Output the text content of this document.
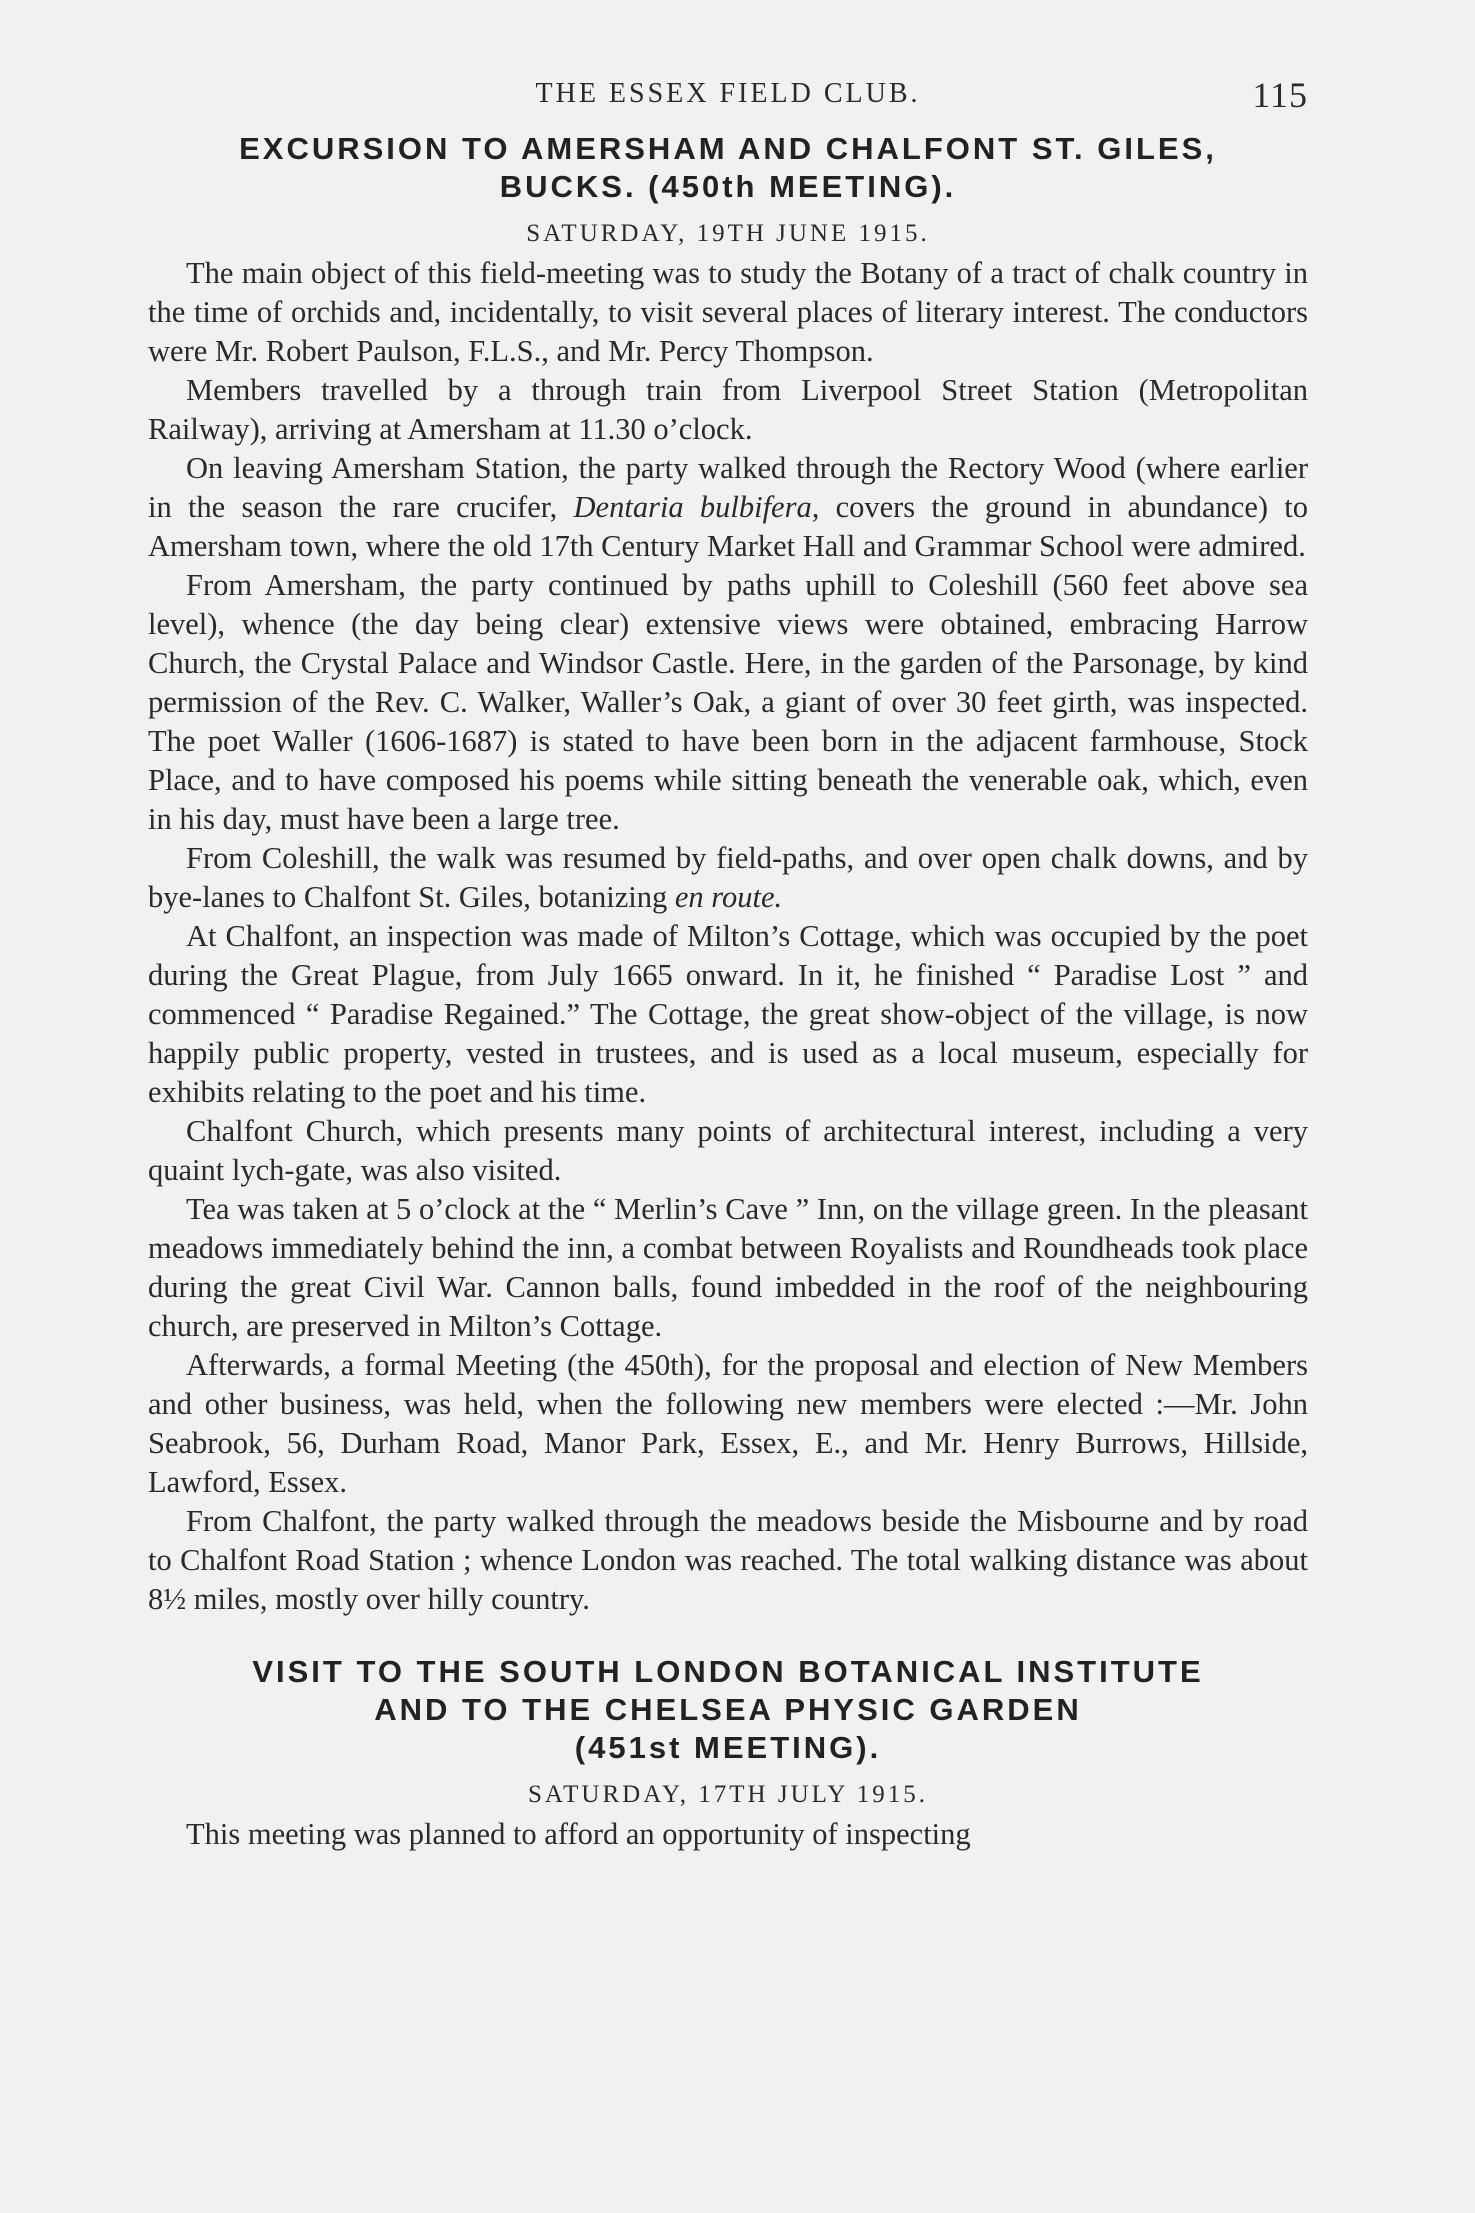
THE ESSEX FIELD CLUB.	115
EXCURSION TO AMERSHAM AND CHALFONT ST. GILES,
BUCKS. (450th MEETING).
SATURDAY, 19TH JUNE 1915.

The main object of this field-meeting was to study the Botany of a tract of chalk country in the time of orchids and, incidentally, to visit several places of literary interest. The conductors were Mr. Robert Paulson, F.L.S., and Mr. Percy Thompson.

Members travelled by a through train from Liverpool Street Station (Metropolitan Railway), arriving at Amersham at 11.30 o’clock.

On leaving Amersham Station, the party walked through the Rectory Wood (where earlier in the season the rare crucifer, Dentaria bulbifera, covers the ground in abundance) to Amersham town, where the old 17th Century Market Hall and Grammar School were admired.

From Amersham, the party continued by paths uphill to Coleshill (560 feet above sea level), whence (the day being clear) extensive views were obtained, embracing Harrow Church, the Crystal Palace and Windsor Castle. Here, in the garden of the Parsonage, by kind permission of the Rev. C. Walker, Waller’s Oak, a giant of over 30 feet girth, was inspected. The poet Waller (1606-1687) is stated to have been born in the adjacent farmhouse, Stock Place, and to have composed his poems while sitting beneath the venerable oak, which, even in his day, must have been a large tree.

From Coleshill, the walk was resumed by field-paths, and over open chalk downs, and by bye-lanes to Chalfont St. Giles, botanizing en route.

At Chalfont, an inspection was made of Milton’s Cottage, which was occupied by the poet during the Great Plague, from July 1665 onward. In it, he finished “ Paradise Lost ” and commenced “ Paradise Regained.” The Cottage, the great show-object of the village, is now happily public property, vested in trustees, and is used as a local museum, especially for exhibits relating to the poet and his time.

Chalfont Church, which presents many points of architectural interest, including a very quaint lych-gate, was also visited.

Tea was taken at 5 o’clock at the “ Merlin’s Cave ” Inn, on the village green. In the pleasant meadows immediately behind the inn, a combat between Royalists and Roundheads took place during the great Civil War. Cannon balls, found imbedded in the roof of the neighbouring church, are preserved in Milton’s Cottage.

Afterwards, a formal Meeting (the 450th), for the proposal and election of New Members and other business, was held, when the following new members were elected :—Mr. John Seabrook, 56, Durham Road, Manor Park, Essex, E., and Mr. Henry Burrows, Hillside, Lawford, Essex.

From Chalfont, the party walked through the meadows beside the Misbourne and by road to Chalfont Road Station ; whence London was reached. The total walking distance was about 8½ miles, mostly over hilly country.

VISIT TO THE SOUTH LONDON BOTANICAL INSTITUTE
AND TO THE CHELSEA PHYSIC GARDEN
(451st MEETING).
SATURDAY, 17TH JULY 1915.

This meeting was planned to afford an opportunity of inspecting
